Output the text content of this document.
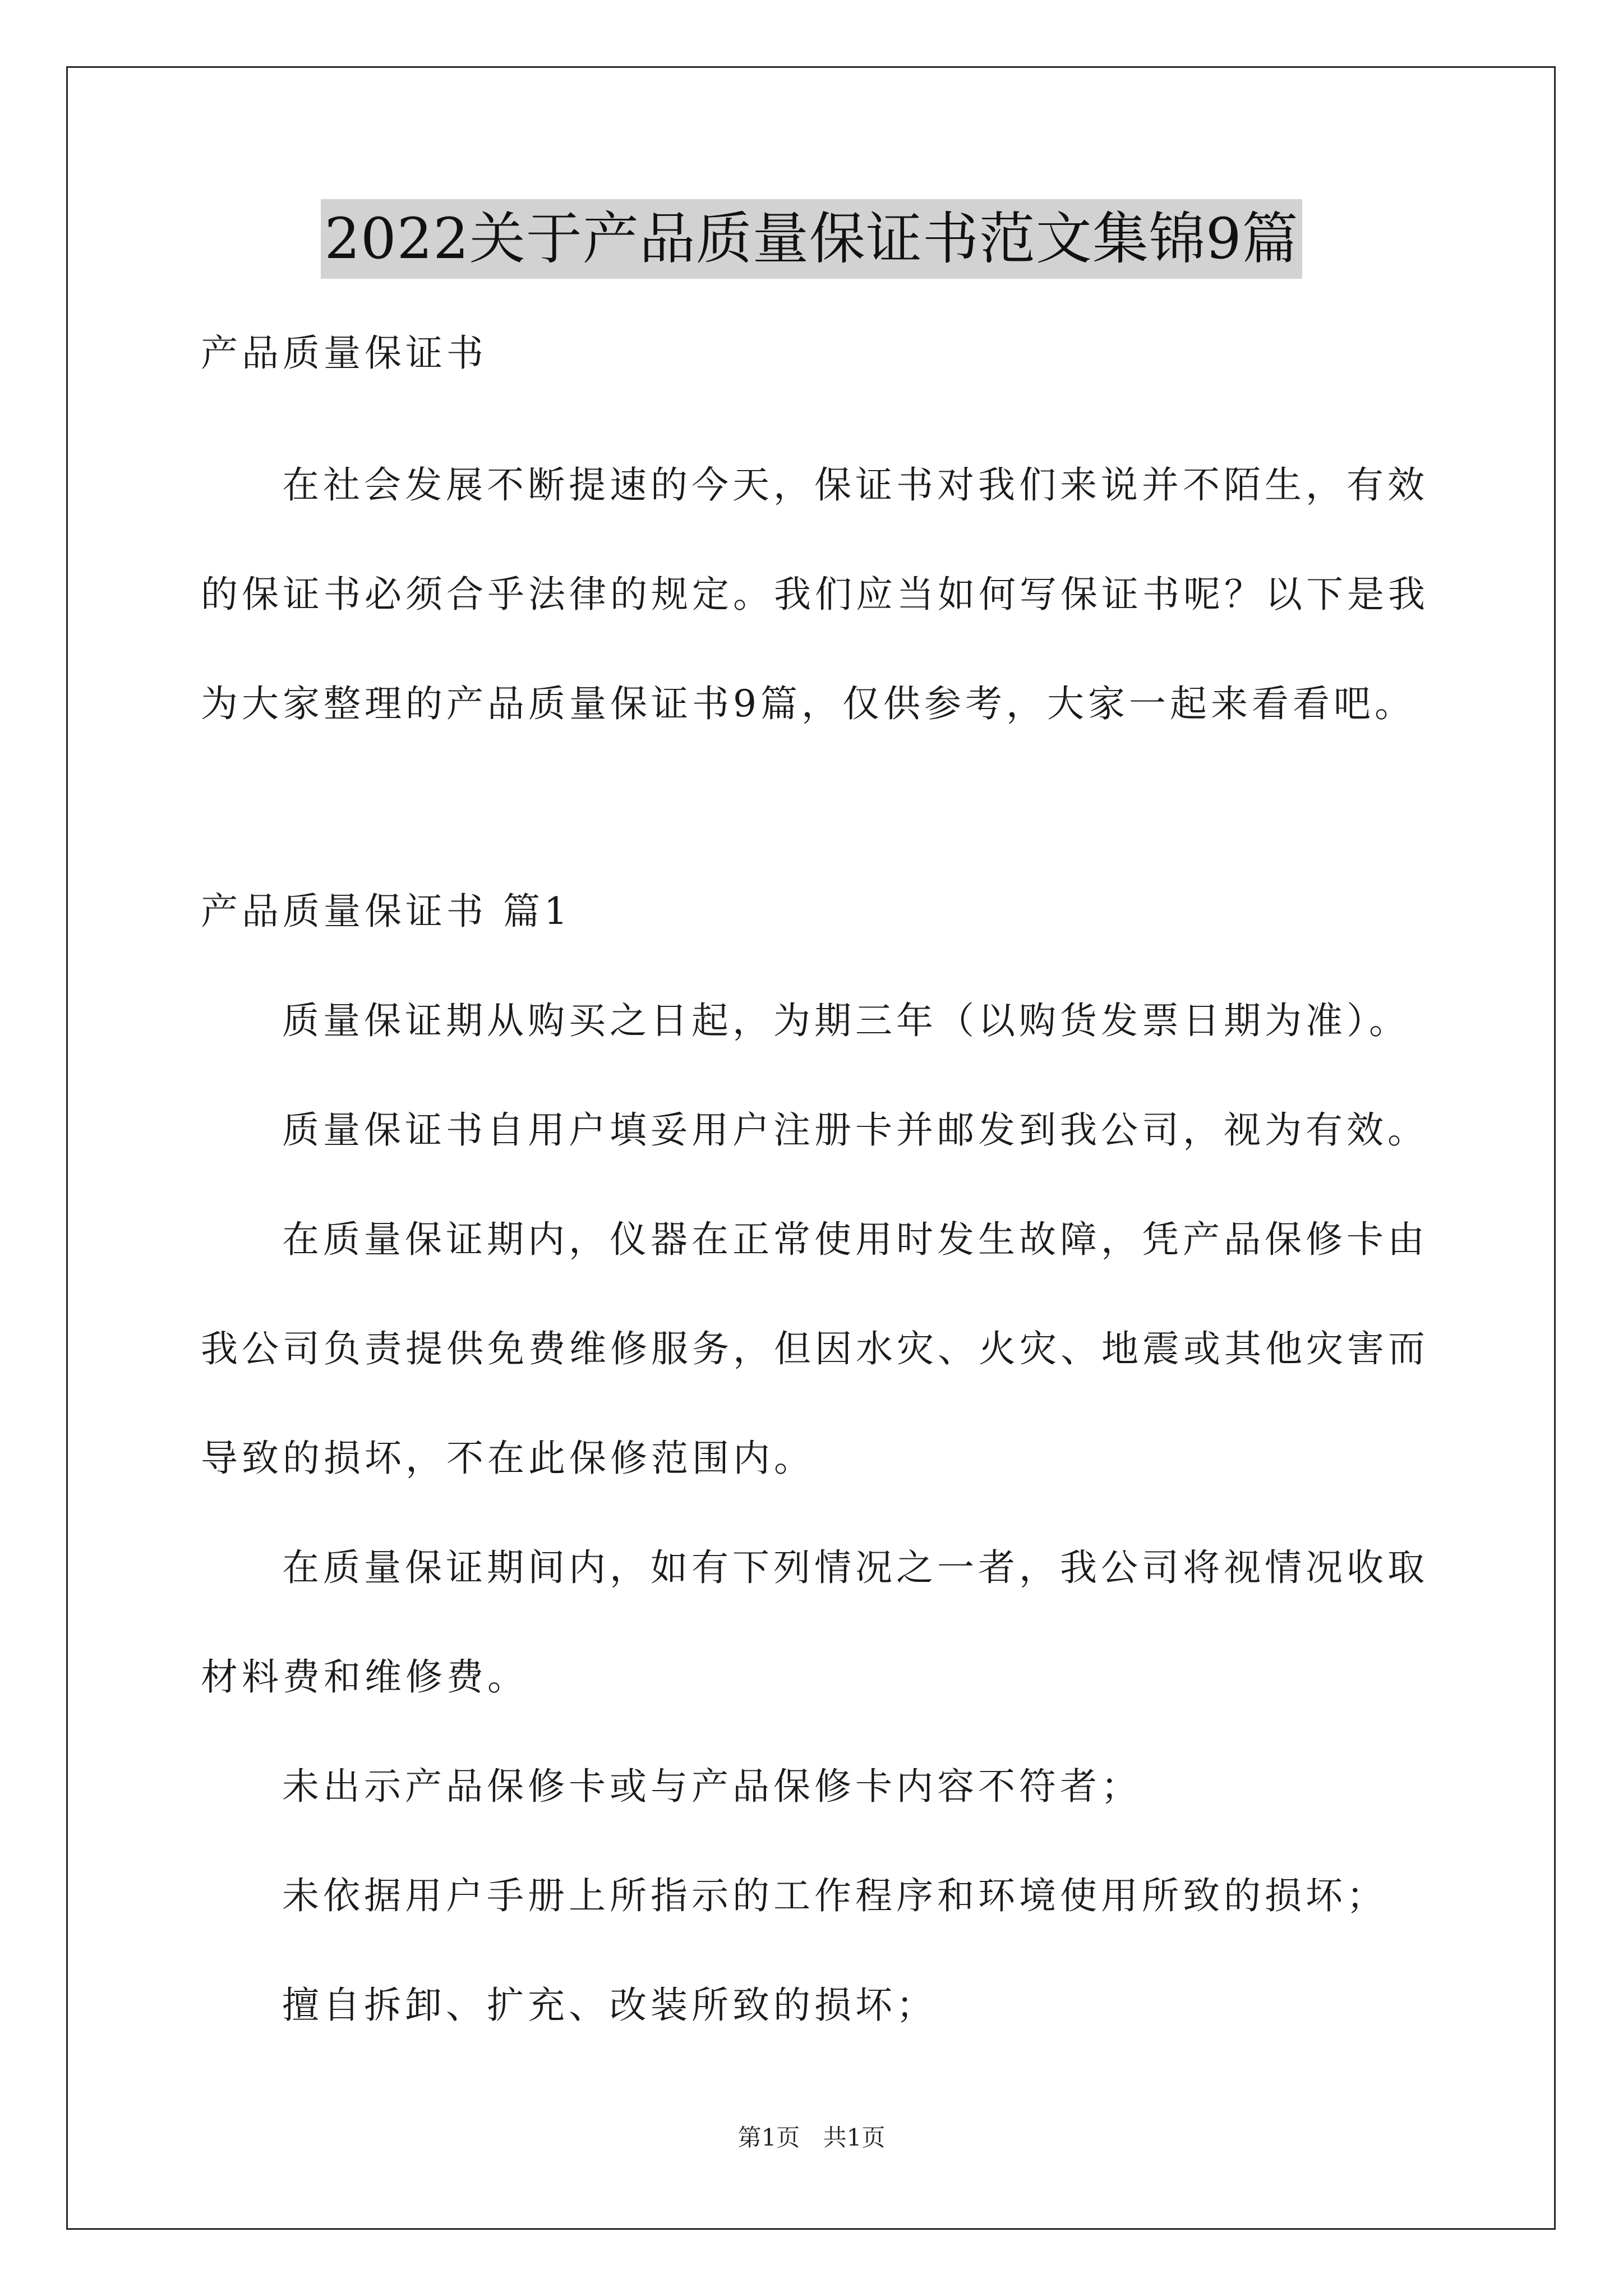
2022关于产品质量保证书范文集锦9篇
产品质量保证书
在社会发展不断提速的今天，保证书对我们来说并不陌生，有效
的保证书必须合乎法律的规定。我们应当如何写保证书呢？以下是我
为大家整理的产品质量保证书9篇，仅供参考，大家一起来看看吧。
产品质量保证书 篇1
质量保证期从购买之日起，为期三年（以购货发票日期为准）。
质量保证书自用户填妥用户注册卡并邮发到我公司，视为有效。
在质量保证期内，仪器在正常使用时发生故障，凭产品保修卡由
我公司负责提供免费维修服务，但因水灾、火灾、地震或其他灾害而
导致的损坏，不在此保修范围内。
在质量保证期间内，如有下列情况之一者，我公司将视情况收取
材料费和维修费。
未出示产品保修卡或与产品保修卡内容不符者；
未依据用户手册上所指示的工作程序和环境使用所致的损坏；
擅自拆卸、扩充、改装所致的损坏；
第1页 共1页
